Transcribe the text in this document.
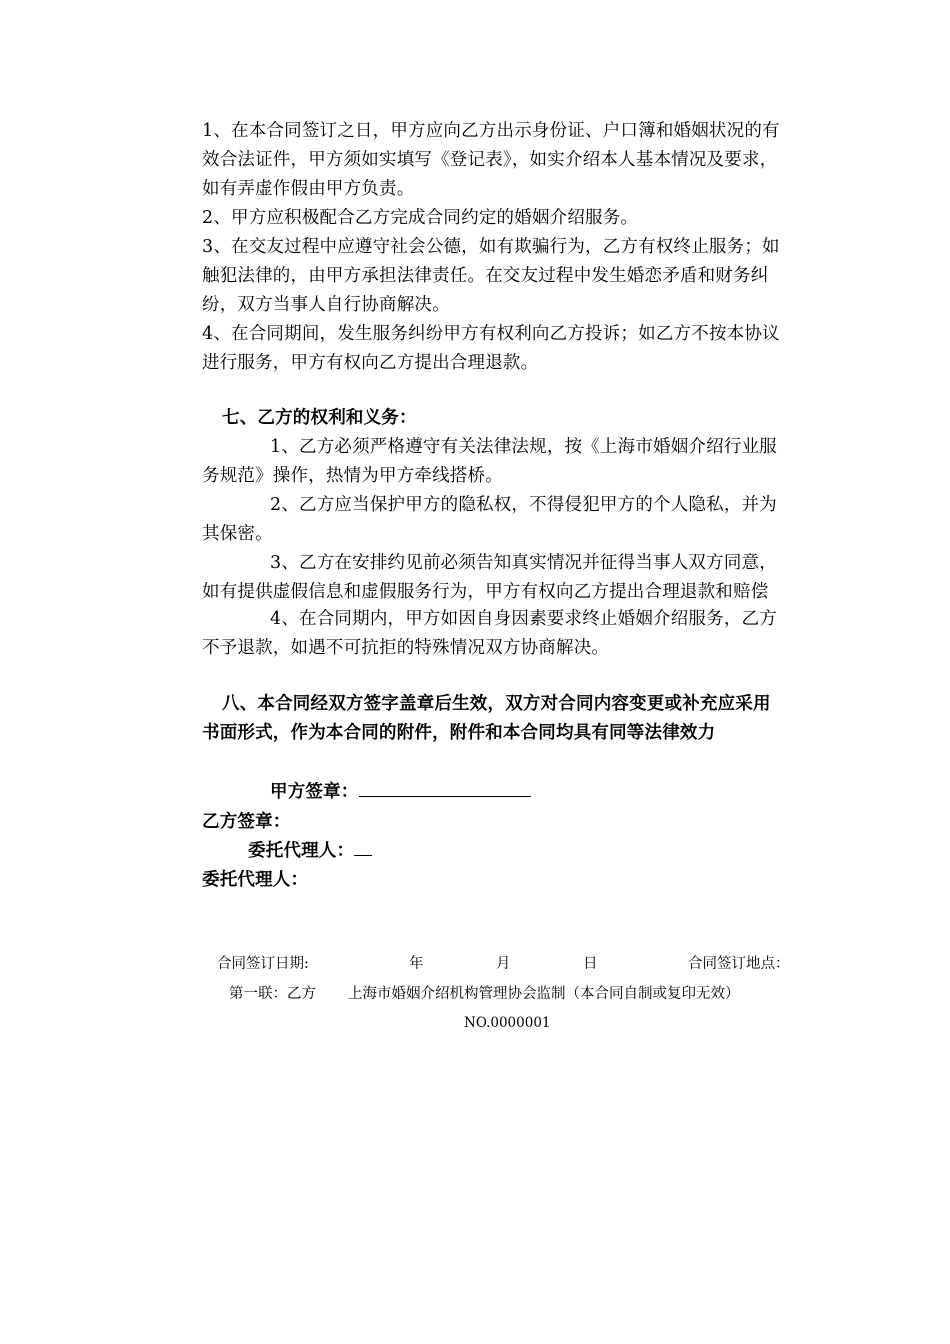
1、在本合同签订之日，甲方应向乙方出示身份证、户口簿和婚姻状况的有
效合法证件，甲方须如实填写《登记表》，如实介绍本人基本情况及要求，
如有弄虚作假由甲方负责。
2、甲方应积极配合乙方完成合同约定的婚姻介绍服务。
3、在交友过程中应遵守社会公德，如有欺骗行为，乙方有权终止服务；如
触犯法律的，由甲方承担法律责任。在交友过程中发生婚恋矛盾和财务纠
纷，双方当事人自行协商解决。
4、在合同期间，发生服务纠纷甲方有权利向乙方投诉；如乙方不按本协议
进行服务，甲方有权向乙方提出合理退款。
七、乙方的权利和义务：
1、乙方必须严格遵守有关法律法规，按《上海市婚姻介绍行业服
务规范》操作，热情为甲方牵线搭桥。
2、乙方应当保护甲方的隐私权，不得侵犯甲方的个人隐私，并为
其保密。
3、乙方在安排约见前必须告知真实情况并征得当事人双方同意，
如有提供虚假信息和虚假服务行为，甲方有权向乙方提出合理退款和赔偿
4、在合同期内，甲方如因自身因素要求终止婚姻介绍服务，乙方
不予退款，如遇不可抗拒的特殊情况双方协商解决。
八、本合同经双方签字盖章后生效，双方对合同内容变更或补充应采用
书面形式，作为本合同的附件，附件和本合同均具有同等法律效力
甲方签章：
乙方签章：
委托代理人：
委托代理人：
合同签订日期:	年	月	日	合同签订地点：
第一联：乙方 上海市婚姻介绍机构管理协会监制（本合同自制或复印无效）
NO.0000001
